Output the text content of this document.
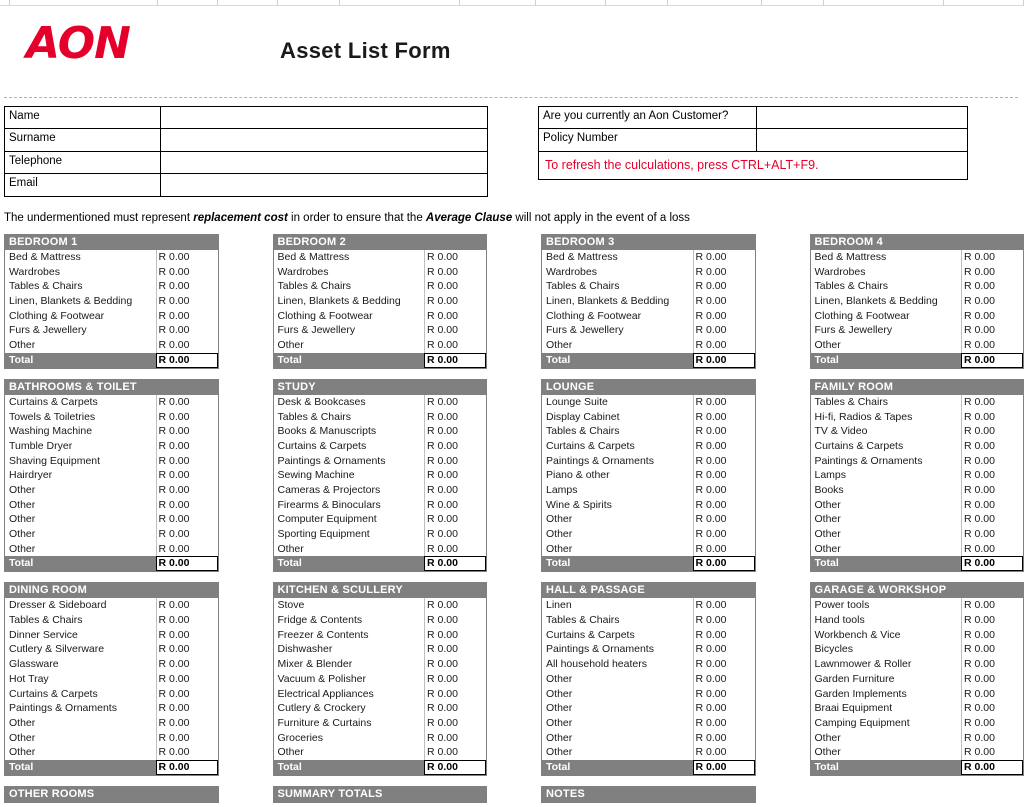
AON	Asset List Form
Name
Surname
Telephone
Email
Are you currently an Aon Customer?
Policy Number
To refresh the culculations, press CTRL+ALT+F9.
The undermentioned must represent replacement cost in order to ensure that the Average Clause will not apply in the event of a loss
BEDROOM 1
Bed & Mattress	R 0.00
Wardrobes	R 0.00
Tables & Chairs	R 0.00
Linen, Blankets & Bedding	R 0.00
Clothing & Footwear	R 0.00
Furs & Jewellery	R 0.00
Other	R 0.00
Total	R 0.00
BEDROOM 2
Bed & Mattress	R 0.00
Wardrobes	R 0.00
Tables & Chairs	R 0.00
Linen, Blankets & Bedding	R 0.00
Clothing & Footwear	R 0.00
Furs & Jewellery	R 0.00
Other	R 0.00
Total	R 0.00
BEDROOM 3
Bed & Mattress	R 0.00
Wardrobes	R 0.00
Tables & Chairs	R 0.00
Linen, Blankets & Bedding	R 0.00
Clothing & Footwear	R 0.00
Furs & Jewellery	R 0.00
Other	R 0.00
Total	R 0.00
BEDROOM 4
Bed & Mattress	R 0.00
Wardrobes	R 0.00
Tables & Chairs	R 0.00
Linen, Blankets & Bedding	R 0.00
Clothing & Footwear	R 0.00
Furs & Jewellery	R 0.00
Other	R 0.00
Total	R 0.00
BATHROOMS & TOILET
Curtains & Carpets	R 0.00
Towels & Toiletries	R 0.00
Washing Machine	R 0.00
Tumble Dryer	R 0.00
Shaving Equipment	R 0.00
Hairdryer	R 0.00
Other	R 0.00
Other	R 0.00
Other	R 0.00
Other	R 0.00
Other	R 0.00
Total	R 0.00
STUDY
Desk & Bookcases	R 0.00
Tables & Chairs	R 0.00
Books & Manuscripts	R 0.00
Curtains & Carpets	R 0.00
Paintings & Ornaments	R 0.00
Sewing Machine	R 0.00
Cameras & Projectors	R 0.00
Firearms & Binoculars	R 0.00
Computer Equipment	R 0.00
Sporting Equipment	R 0.00
Other	R 0.00
Total	R 0.00
LOUNGE
Lounge Suite	R 0.00
Display Cabinet	R 0.00
Tables & Chairs	R 0.00
Curtains & Carpets	R 0.00
Paintings & Ornaments	R 0.00
Piano & other	R 0.00
Lamps	R 0.00
Wine & Spirits	R 0.00
Other	R 0.00
Other	R 0.00
Other	R 0.00
Total	R 0.00
FAMILY ROOM
Tables & Chairs	R 0.00
Hi-fi, Radios & Tapes	R 0.00
TV & Video	R 0.00
Curtains & Carpets	R 0.00
Paintings & Ornaments	R 0.00
Lamps	R 0.00
Books	R 0.00
Other	R 0.00
Other	R 0.00
Other	R 0.00
Other	R 0.00
Total	R 0.00
DINING ROOM
Dresser & Sideboard	R 0.00
Tables & Chairs	R 0.00
Dinner Service	R 0.00
Cutlery & Silverware	R 0.00
Glassware	R 0.00
Hot Tray	R 0.00
Curtains & Carpets	R 0.00
Paintings & Ornaments	R 0.00
Other	R 0.00
Other	R 0.00
Other	R 0.00
Total	R 0.00
KITCHEN & SCULLERY
Stove	R 0.00
Fridge & Contents	R 0.00
Freezer & Contents	R 0.00
Dishwasher	R 0.00
Mixer & Blender	R 0.00
Vacuum & Polisher	R 0.00
Electrical Appliances	R 0.00
Cutlery & Crockery	R 0.00
Furniture & Curtains	R 0.00
Groceries	R 0.00
Other	R 0.00
Total	R 0.00
HALL & PASSAGE
Linen	R 0.00
Tables & Chairs	R 0.00
Curtains & Carpets	R 0.00
Paintings & Ornaments	R 0.00
All household heaters	R 0.00
Other	R 0.00
Other	R 0.00
Other	R 0.00
Other	R 0.00
Other	R 0.00
Other	R 0.00
Total	R 0.00
GARAGE & WORKSHOP
Power tools	R 0.00
Hand tools	R 0.00
Workbench & Vice	R 0.00
Bicycles	R 0.00
Lawnmower & Roller	R 0.00
Garden Furniture	R 0.00
Garden Implements	R 0.00
Braai Equipment	R 0.00
Camping Equipment	R 0.00
Other	R 0.00
Other	R 0.00
Total	R 0.00
OTHER ROOMS	SUMMARY TOTALS	NOTES
